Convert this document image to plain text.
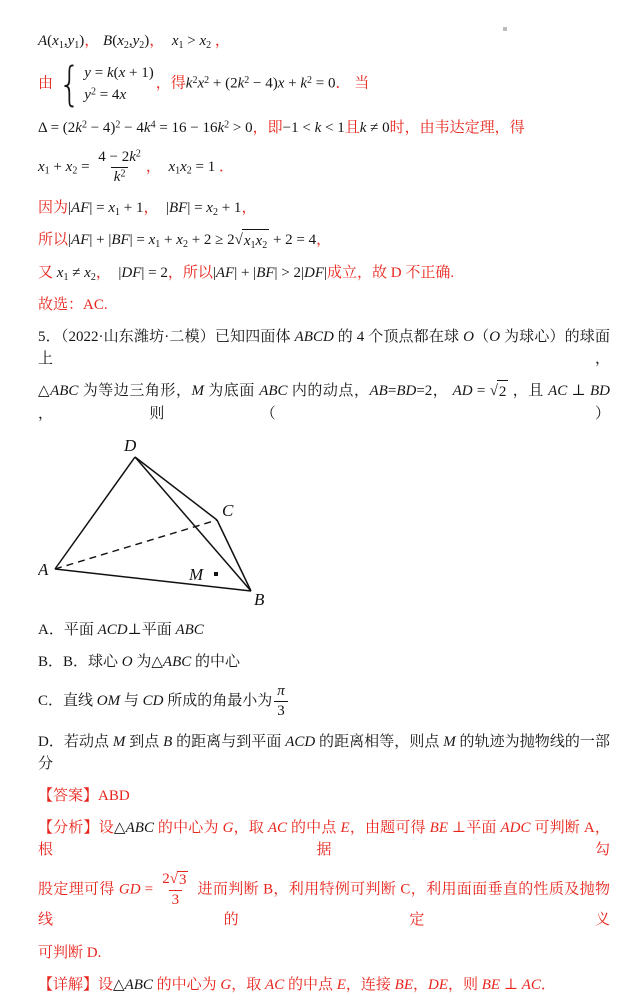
$A(x_1,y_1)$， $B(x_2,y_2)$， $x_1 > x_2$ ，
由 { y = k(x + 1)
$y^2 = 4x$
，得$k^2x^2 + (2k^2 - 4)x + k^2 = 0$． 当
$\Delta = (2k^2 - 4)^2 - 4k^4 = 16 - 16k^2 > 0$，即−1 < k < 1且k ≠ 0时，由韦达定理，得
$x_1 + x_2 = \frac{4 - 2k^2}{k^2}$ ， $x_1x_2 = 1$ ．
因为$|AF| = x_1 + 1$， $|BF| = x_2 + 1$，
所以$|AF| + |BF| = x_1 + x_2 + 2 \ge 2$ √ $x_1x_2 + 2 = 4$，
又 $x_1 \ne x_2$， |DF| = 2，所以|AF| + |BF| > 2|DF|成立，故 D 不正确.
故选：AC.
5．（2022·山东潍坊·二模）已知四面体 ABCD 的 4 个顶点都在球 O（O 为球心）的球面上，
△ABC 为等边三角形，M 为底面 ABC 内的动点，AB=BD=2， AD = √ 2 ，且 AC ⊥ BD ，则（　　）
D
A
B
C
M
A．平面 ACD⊥平面 ABC
B．B．球心 O 为△ABC 的中心
C．直线 OM 与 CD 所成的角最小为 $\frac{\pi}{3}$
D．若动点 M 到点 B 的距离与到平面 ACD 的距离相等，则点 M 的轨迹为抛物线的一部分
【答案】ABD
【分析】设△ABC 的中心为 G，取 AC 的中点 E，由题可得 BE ⊥平面 ADC 可判断 A，根据勾
股定理可得 GD = $\frac{2 √ 3}{3}$ 进而判断 B，利用特例可判断 C，利用面面垂直的性质及抛物线的定义
可判断 D.
【详解】设△ABC 的中心为 G，取 AC 的中点 E，连接 BE，DE，则 BE ⊥ AC．
